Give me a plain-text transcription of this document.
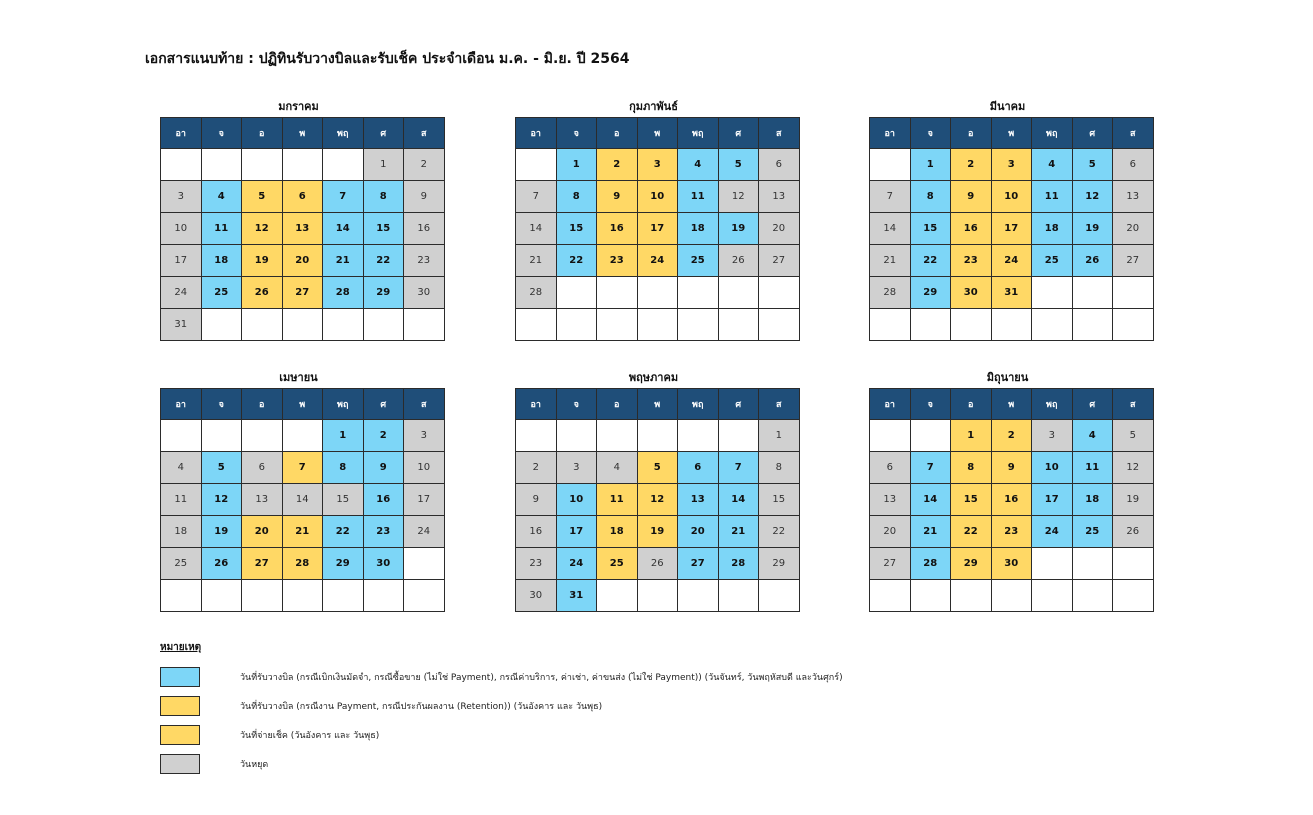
เอกสารแนบท้าย : ปฏิทินรับวางบิลและรับเช็ค ประจำเดือน ม.ค. - มิ.ย. ปี 2564
มกราคม
อา	จ	อ	พ	พฤ	ศ	ส
					1	2
3	4	5	6	7	8	9
10	11	12	13	14	15	16
17	18	19	20	21	22	23
24	25	26	27	28	29	30
31						
กุมภาพันธ์
อา	จ	อ	พ	พฤ	ศ	ส
	1	2	3	4	5	6
7	8	9	10	11	12	13
14	15	16	17	18	19	20
21	22	23	24	25	26	27
28						

มีนาคม
อา	จ	อ	พ	พฤ	ศ	ส
	1	2	3	4	5	6
7	8	9	10	11	12	13
14	15	16	17	18	19	20
21	22	23	24	25	26	27
28	29	30	31			

เมษายน
อา	จ	อ	พ	พฤ	ศ	ส
				1	2	3
4	5	6	7	8	9	10
11	12	13	14	15	16	17
18	19	20	21	22	23	24
25	26	27	28	29	30	

พฤษภาคม
อา	จ	อ	พ	พฤ	ศ	ส
						1
2	3	4	5	6	7	8
9	10	11	12	13	14	15
16	17	18	19	20	21	22
23	24	25	26	27	28	29
30	31					
มิถุนายน
อา	จ	อ	พ	พฤ	ศ	ส
		1	2	3	4	5
6	7	8	9	10	11	12
13	14	15	16	17	18	19
20	21	22	23	24	25	26
27	28	29	30			

หมายเหตุ
วันที่รับวางบิล (กรณีเบิกเงินมัดจำ, กรณีซื้อขาย (ไม่ใช่ Payment), กรณีค่าบริการ, ค่าเช่า, ค่าขนส่ง (ไม่ใช่ Payment)) (วันจันทร์, วันพฤหัสบดี และวันศุกร์)
วันที่รับวางบิล (กรณีงาน Payment, กรณีประกันผลงาน (Retention)) (วันอังคาร และ วันพุธ)
วันที่จ่ายเช็ค (วันอังคาร และ วันพุธ)
วันหยุด
